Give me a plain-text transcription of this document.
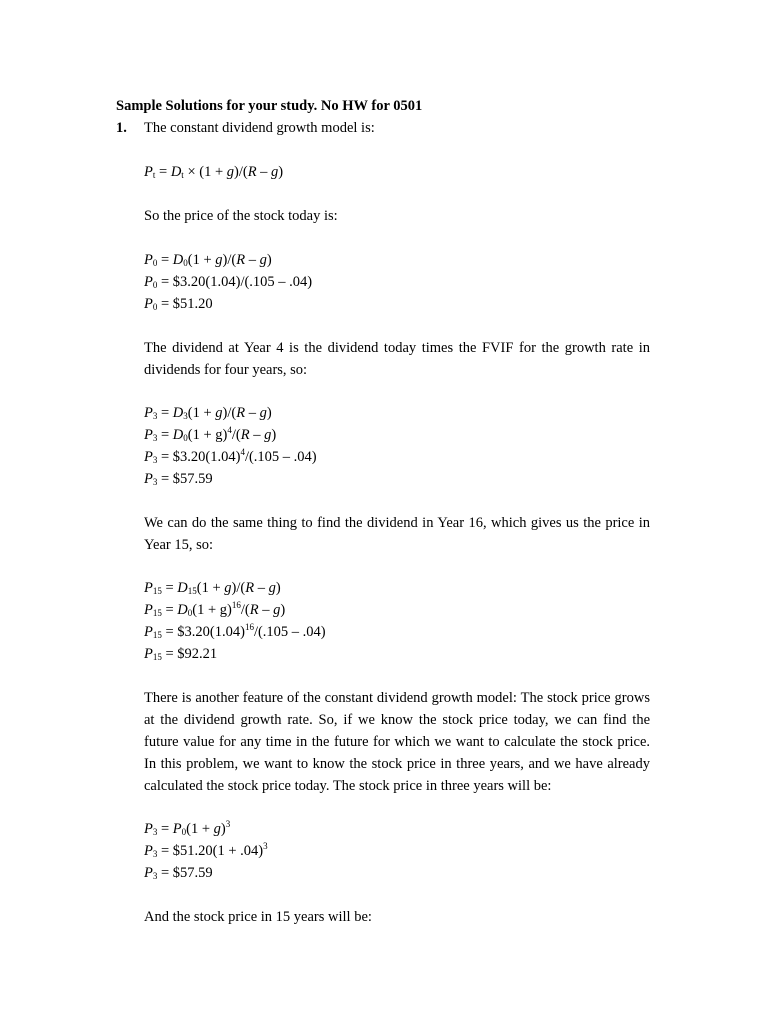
Sample Solutions for your study. No HW for 0501
1. The constant dividend growth model is:
$P_t = D_t \times (1 + g)/(R - g)$
So the price of the stock today is:
$P_0 = D_0(1 + g)/(R - g)$
$P_0$ = $3.20(1.04)/(.105 – .04)
$P_0$ = $51.20
The dividend at Year 4 is the dividend today times the FVIF for the growth rate in dividends for four years, so:
$P_3 = D_3(1 + g)/(R - g)$
$P_3 = D_0(1 + g)^4/(R - g)$
$P_3$ = $\$3.20(1.04)^4/(.105 - .04)$
$P_3$ = $57.59
We can do the same thing to find the dividend in Year 16, which gives us the price in Year 15, so:
$P_{15} = D_{15}(1 + g)/(R - g)$
$P_{15} = D_0(1 + g)^{16}/(R - g)$
$P_{15}$ = $\$3.20(1.04)^{16}/(.105 - .04)$
$P_{15}$ = $92.21
There is another feature of the constant dividend growth model: The stock price grows at the dividend growth rate. So, if we know the stock price today, we can find the future value for any time in the future for which we want to calculate the stock price. In this problem, we want to know the stock price in three years, and we have already calculated the stock price today. The stock price in three years will be:
$P_3 = P_0(1 + g)^3$
$P_3$ = $51.20(1 + .04)$^3$
$P_3$ = $57.59
And the stock price in 15 years will be:
